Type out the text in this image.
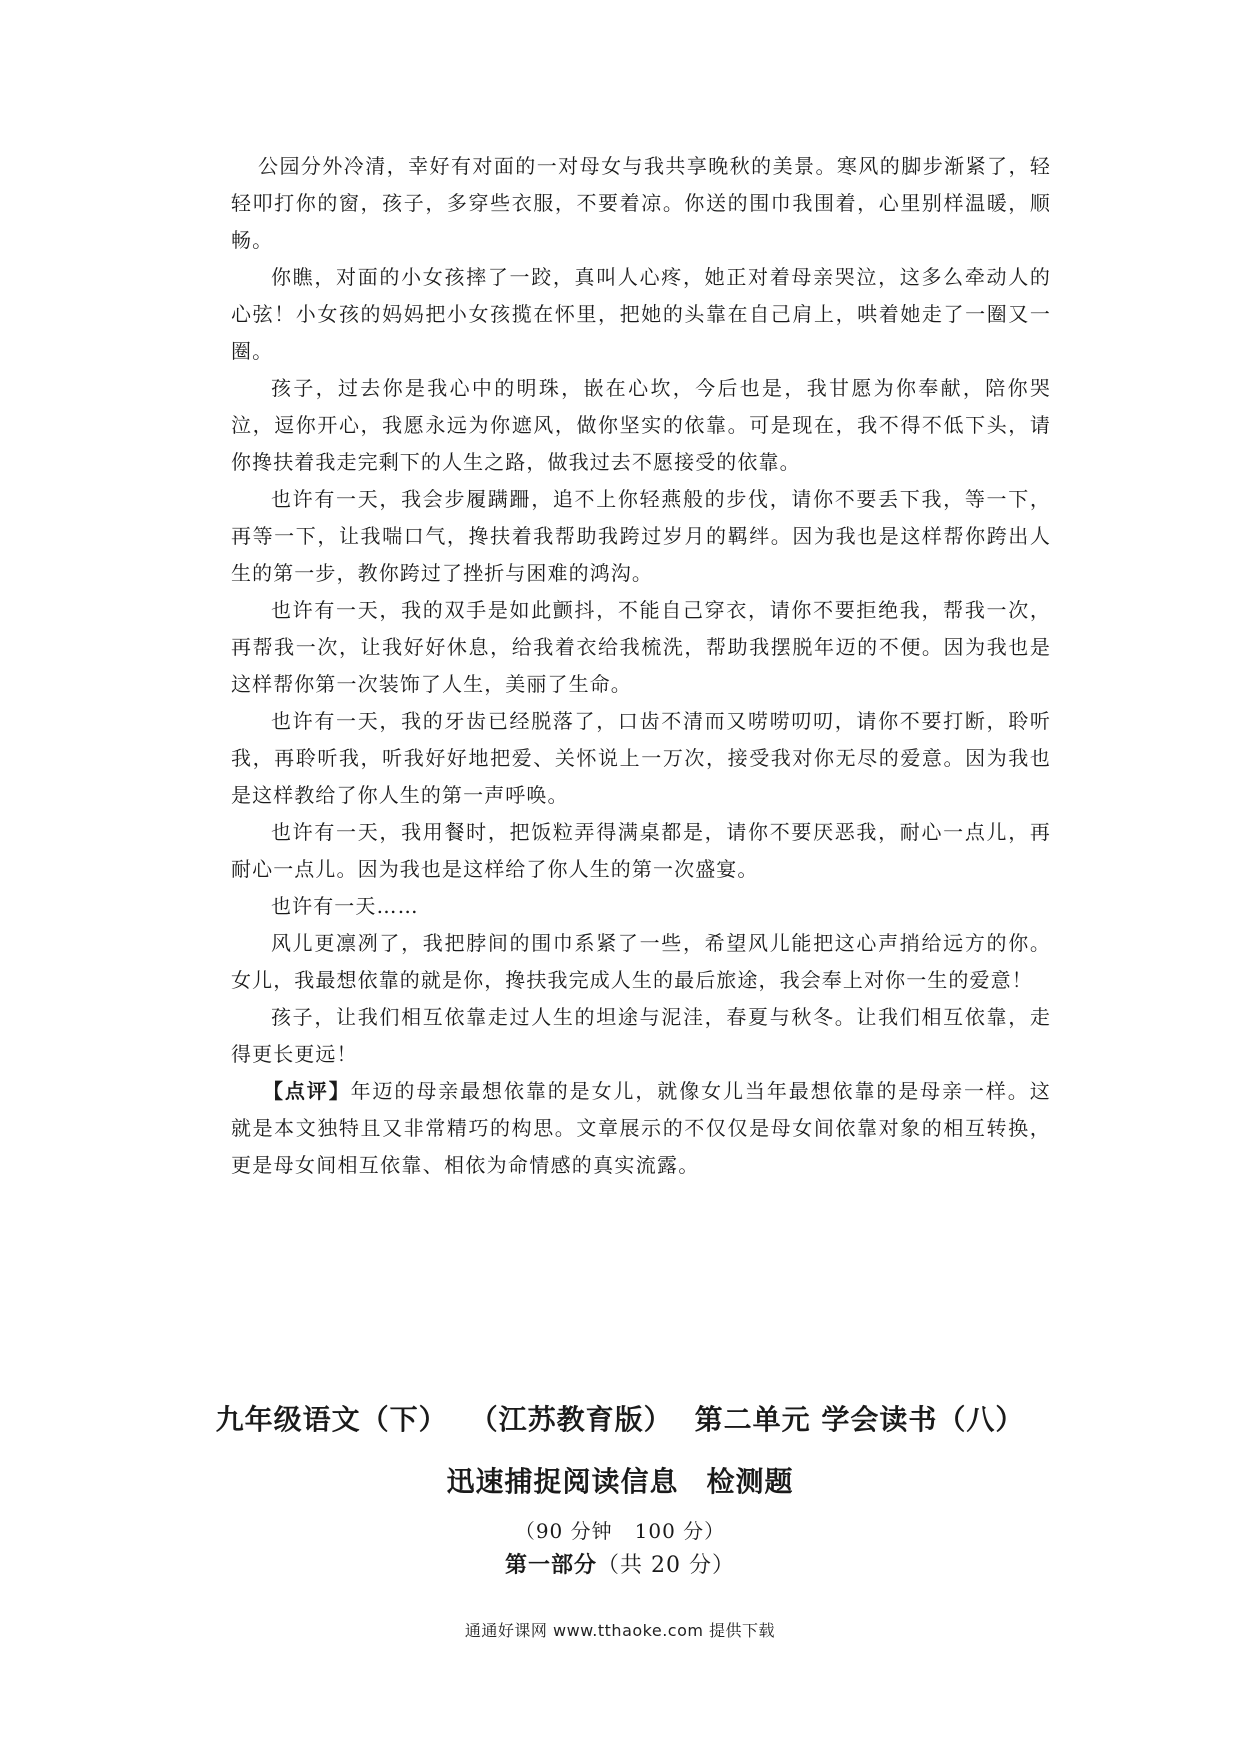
公园分外冷清，幸好有对面的一对母女与我共享晚秋的美景。寒风的脚步渐紧了，轻轻叩打你的窗，孩子，多穿些衣服，不要着凉。你送的围巾我围着，心里别样温暖，顺畅。

你瞧，对面的小女孩摔了一跤，真叫人心疼，她正对着母亲哭泣，这多么牵动人的心弦！小女孩的妈妈把小女孩揽在怀里，把她的头靠在自己肩上，哄着她走了一圈又一圈。

孩子，过去你是我心中的明珠，嵌在心坎，今后也是，我甘愿为你奉献，陪你哭泣，逗你开心，我愿永远为你遮风，做你坚实的依靠。可是现在，我不得不低下头，请你搀扶着我走完剩下的人生之路，做我过去不愿接受的依靠。

也许有一天，我会步履蹒跚，追不上你轻燕般的步伐，请你不要丢下我，等一下，再等一下，让我喘口气，搀扶着我帮助我跨过岁月的羁绊。因为我也是这样帮你跨出人生的第一步，教你跨过了挫折与困难的鸿沟。

也许有一天，我的双手是如此颤抖，不能自己穿衣，请你不要拒绝我，帮我一次，再帮我一次，让我好好休息，给我着衣给我梳洗，帮助我摆脱年迈的不便。因为我也是这样帮你第一次装饰了人生，美丽了生命。

也许有一天，我的牙齿已经脱落了，口齿不清而又唠唠叨叨，请你不要打断，聆听我，再聆听我，听我好好地把爱、关怀说上一万次，接受我对你无尽的爱意。因为我也是这样教给了你人生的第一声呼唤。

也许有一天，我用餐时，把饭粒弄得满桌都是，请你不要厌恶我，耐心一点儿，再耐心一点儿。因为我也是这样给了你人生的第一次盛宴。

也许有一天……

风儿更凛冽了，我把脖间的围巾系紧了一些，希望风儿能把这心声捎给远方的你。女儿，我最想依靠的就是你，搀扶我完成人生的最后旅途，我会奉上对你一生的爱意！

孩子，让我们相互依靠走过人生的坦途与泥洼，春夏与秋冬。让我们相互依靠，走得更长更远！

【点评】年迈的母亲最想依靠的是女儿，就像女儿当年最想依靠的是母亲一样。这就是本文独特且又非常精巧的构思。文章展示的不仅仅是母女间依靠对象的相互转换，更是母女间相互依靠、相依为命情感的真实流露。

九年级语文（下） （江苏教育版） 第二单元 学会读书（八）
迅速捕捉阅读信息 检测题
（90 分钟 100 分）
第一部分（共 20 分）
通通好课网 www.tthaoke.com 提供下载
